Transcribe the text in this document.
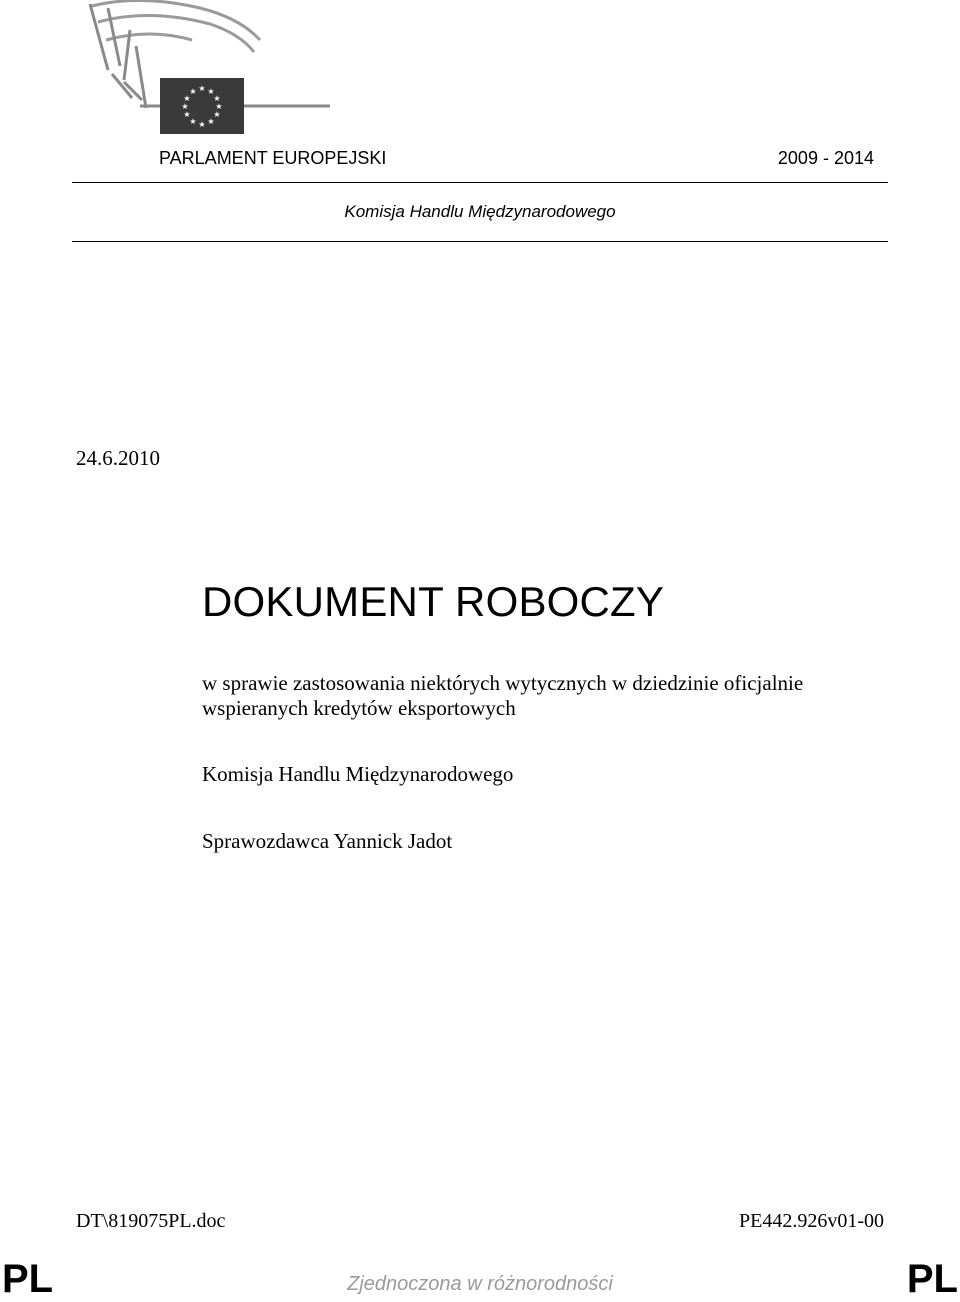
★ ★
★
★
★
★
★
★
★
★
★
★
PARLAMENT EUROPEJSKI	2009 - 2014
Komisja Handlu Międzynarodowego
24.6.2010
DOKUMENT ROBOCZY
w sprawie zastosowania niektórych wytycznych w dziedzinie oficjalnie
wspieranych kredytów eksportowych
Komisja Handlu Międzynarodowego
Sprawozdawca Yannick Jadot
DT\819075PL.doc	PE442.926v01-00
PL	Zjednoczona w różnorodności	PL
